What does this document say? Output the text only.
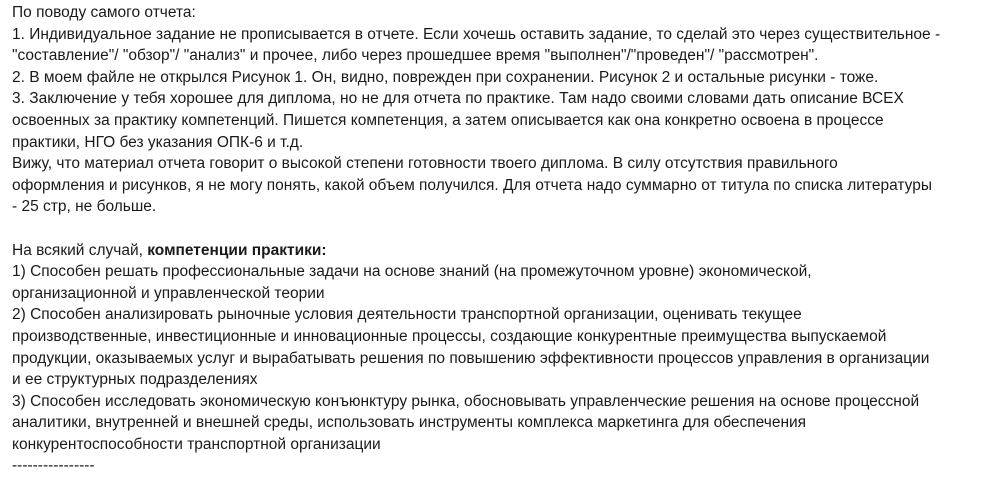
По поводу самого отчета:
1. Индивидуальное задание не прописывается в отчете. Если хочешь оставить задание, то сделай это через существительное -
"составление"/ "обзор"/ "анализ" и прочее, либо через прошедшее время "выполнен"/"проведен"/ "рассмотрен".
2. В моем файле не открылся Рисунок 1. Он, видно, поврежден при сохранении. Рисунок 2 и остальные рисунки - тоже.
3. Заключение у тебя хорошее для диплома, но не для отчета по практике. Там надо своими словами дать описание ВСЕХ
освоенных за практику компетенций. Пишется компетенция, а затем описывается как она конкретно освоена в процессе
практики, НГО без указания ОПК-6 и т.д.
Вижу, что материал отчета говорит о высокой степени готовности твоего диплома. В силу отсутствия правильного
оформления и рисунков, я не могу понять, какой объем получился. Для отчета надо суммарно от титула по списка литературы
- 25 стр, не больше.
На всякий случай, компетенции практики:
1) Способен решать профессиональные задачи на основе знаний (на промежуточном уровне) экономической,
организационной и управленческой теории
2) Способен анализировать рыночные условия деятельности транспортной организации, оценивать текущее
производственные, инвестиционные и инновационные процессы, создающие конкурентные преимущества выпускаемой
продукции, оказываемых услуг и вырабатывать решения по повышению эффективности процессов управления в организации
и ее структурных подразделениях
3) Способен исследовать экономическую конъюнктуру рынка, обосновывать управленческие решения на основе процессной
аналитики, внутренней и внешней среды, использовать инструменты комплекса маркетинга для обеспечения
конкурентоспособности транспортной организации
----------------
